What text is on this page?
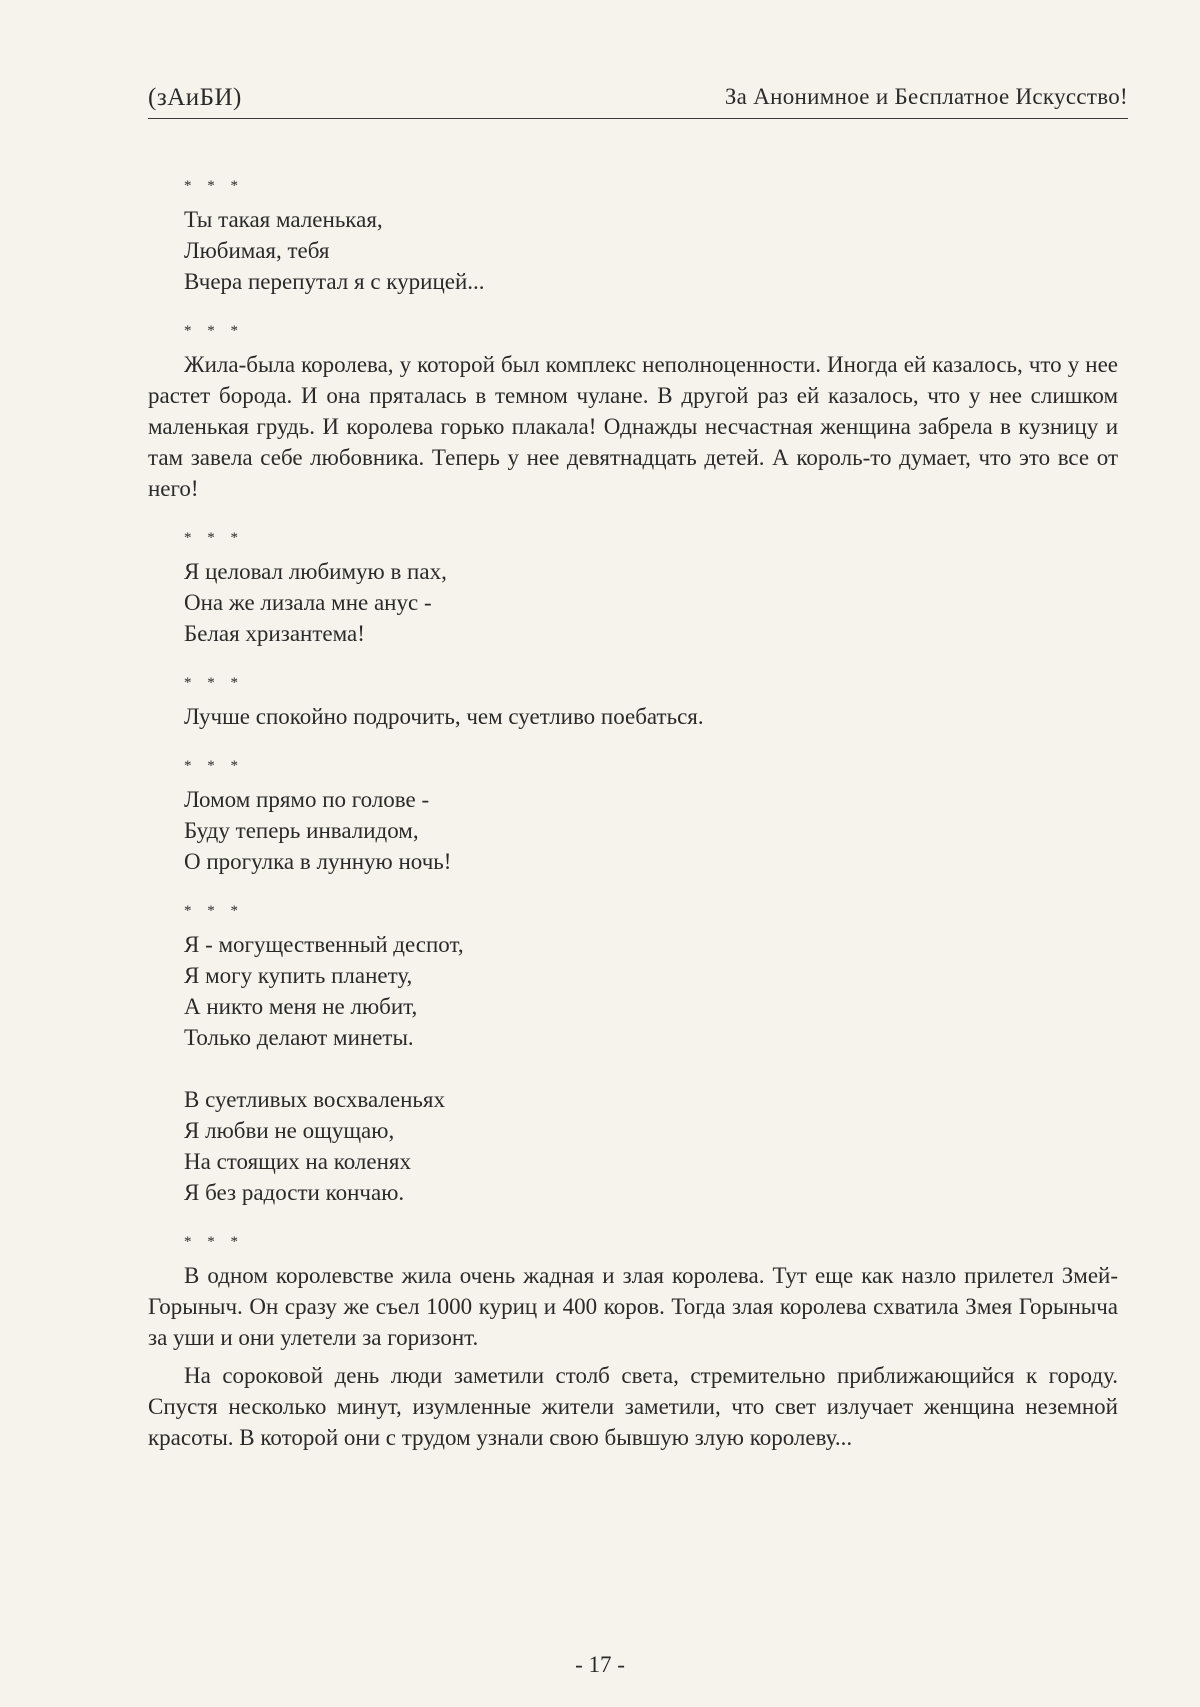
(зАиБИ)	За Анонимное и Бесплатное Искусство!
* * *
Ты такая маленькая,
Любимая, тебя
Вчера перепутал я с курицей...
* * *

Жила-была королева, у которой был комплекс неполноценности. Иногда ей казалось, что у нее растет борода. И она пряталась в темном чулане. В другой раз ей казалось, что у нее слишком маленькая грудь. И королева горько плакала! Однажды несчастная женщина забрела в кузницу и там завела себе любовника. Теперь у нее девятнадцать детей. А король-то думает, что это все от него!

* * *
Я целовал любимую в пах,
Она же лизала мне анус -
Белая хризантема!
* * *
Лучше спокойно подрочить, чем суетливо поебаться.
* * *
Ломом прямо по голове -
Буду теперь инвалидом,
О прогулка в лунную ночь!
* * *
Я - могущественный деспот,
Я могу купить планету,
А никто меня не любит,
Только делают минеты.
В суетливых восхваленьях
Я любви не ощущаю,
На стоящих на коленях
Я без радости кончаю.
* * *

В одном королевстве жила очень жадная и злая королева. Тут еще как назло прилетел Змей-Горыныч. Он сразу же съел 1000 куриц и 400 коров. Тогда злая королева схватила Змея Горыныча за уши и они улетели за горизонт.

На сороковой день люди заметили столб света, стремительно приближающийся к городу. Спустя несколько минут, изумленные жители заметили, что свет излучает женщина неземной красоты. В которой они с трудом узнали свою бывшую злую королеву...

- 17 -
